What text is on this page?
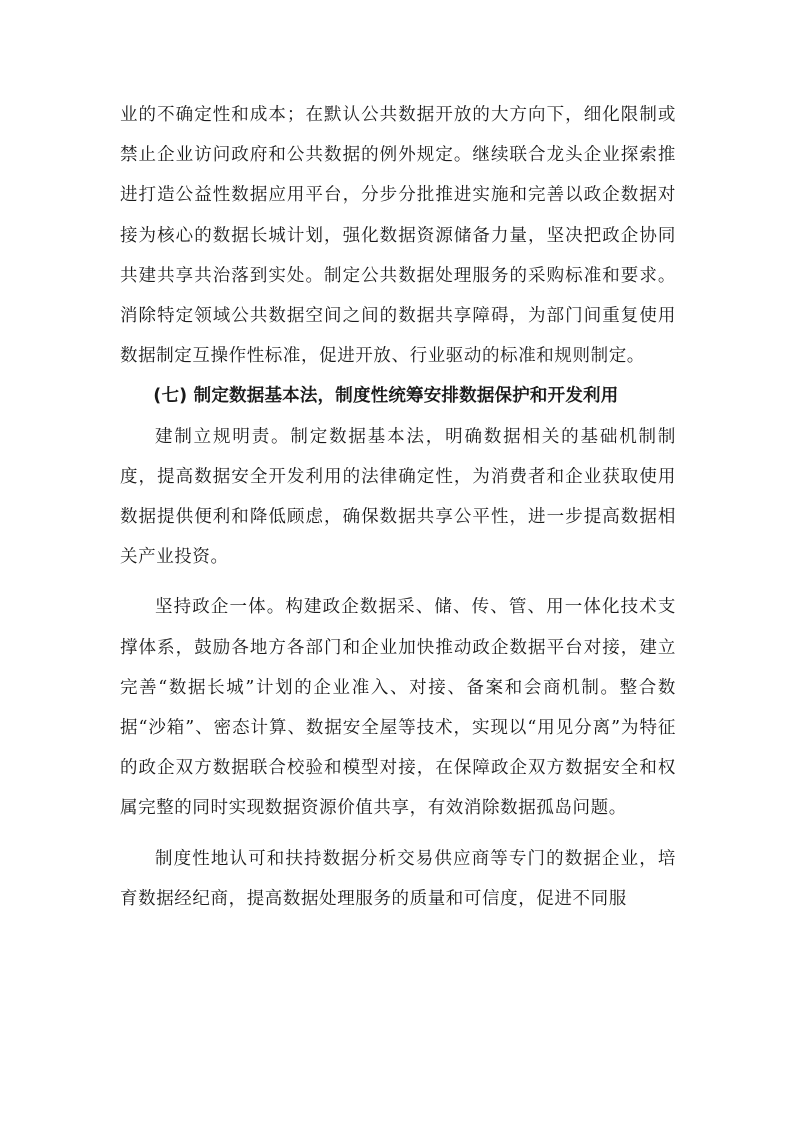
业的不确定性和成本；在默认公共数据开放的大方向下，细化限制或禁止企业访问政府和公共数据的例外规定。继续联合龙头企业探索推进打造公益性数据应用平台，分步分批推进实施和完善以政企数据对接为核心的数据长城计划，强化数据资源储备力量，坚决把政企协同共建共享共治落到实处。制定公共数据处理服务的采购标准和要求。消除特定领域公共数据空间之间的数据共享障碍，为部门间重复使用数据制定互操作性标准，促进开放、行业驱动的标准和规则制定。

(七) 制定数据基本法，制度性统筹安排数据保护和开发利用

建制立规明责。制定数据基本法，明确数据相关的基础机制制度，提高数据安全开发利用的法律确定性，为消费者和企业获取使用数据提供便利和降低顾虑，确保数据共享公平性，进一步提高数据相关产业投资。

坚持政企一体。构建政企数据采、储、传、管、用一体化技术支撑体系，鼓励各地方各部门和企业加快推动政企数据平台对接，建立完善“数据长城”计划的企业准入、对接、备案和会商机制。整合数据“沙箱”、密态计算、数据安全屋等技术，实现以“用见分离”为特征的政企双方数据联合校验和模型对接，在保障政企双方数据安全和权属完整的同时实现数据资源价值共享，有效消除数据孤岛问题。

制度性地认可和扶持数据分析交易供应商等专门的数据企业，培育数据经纪商，提高数据处理服务的质量和可信度，促进不同服
